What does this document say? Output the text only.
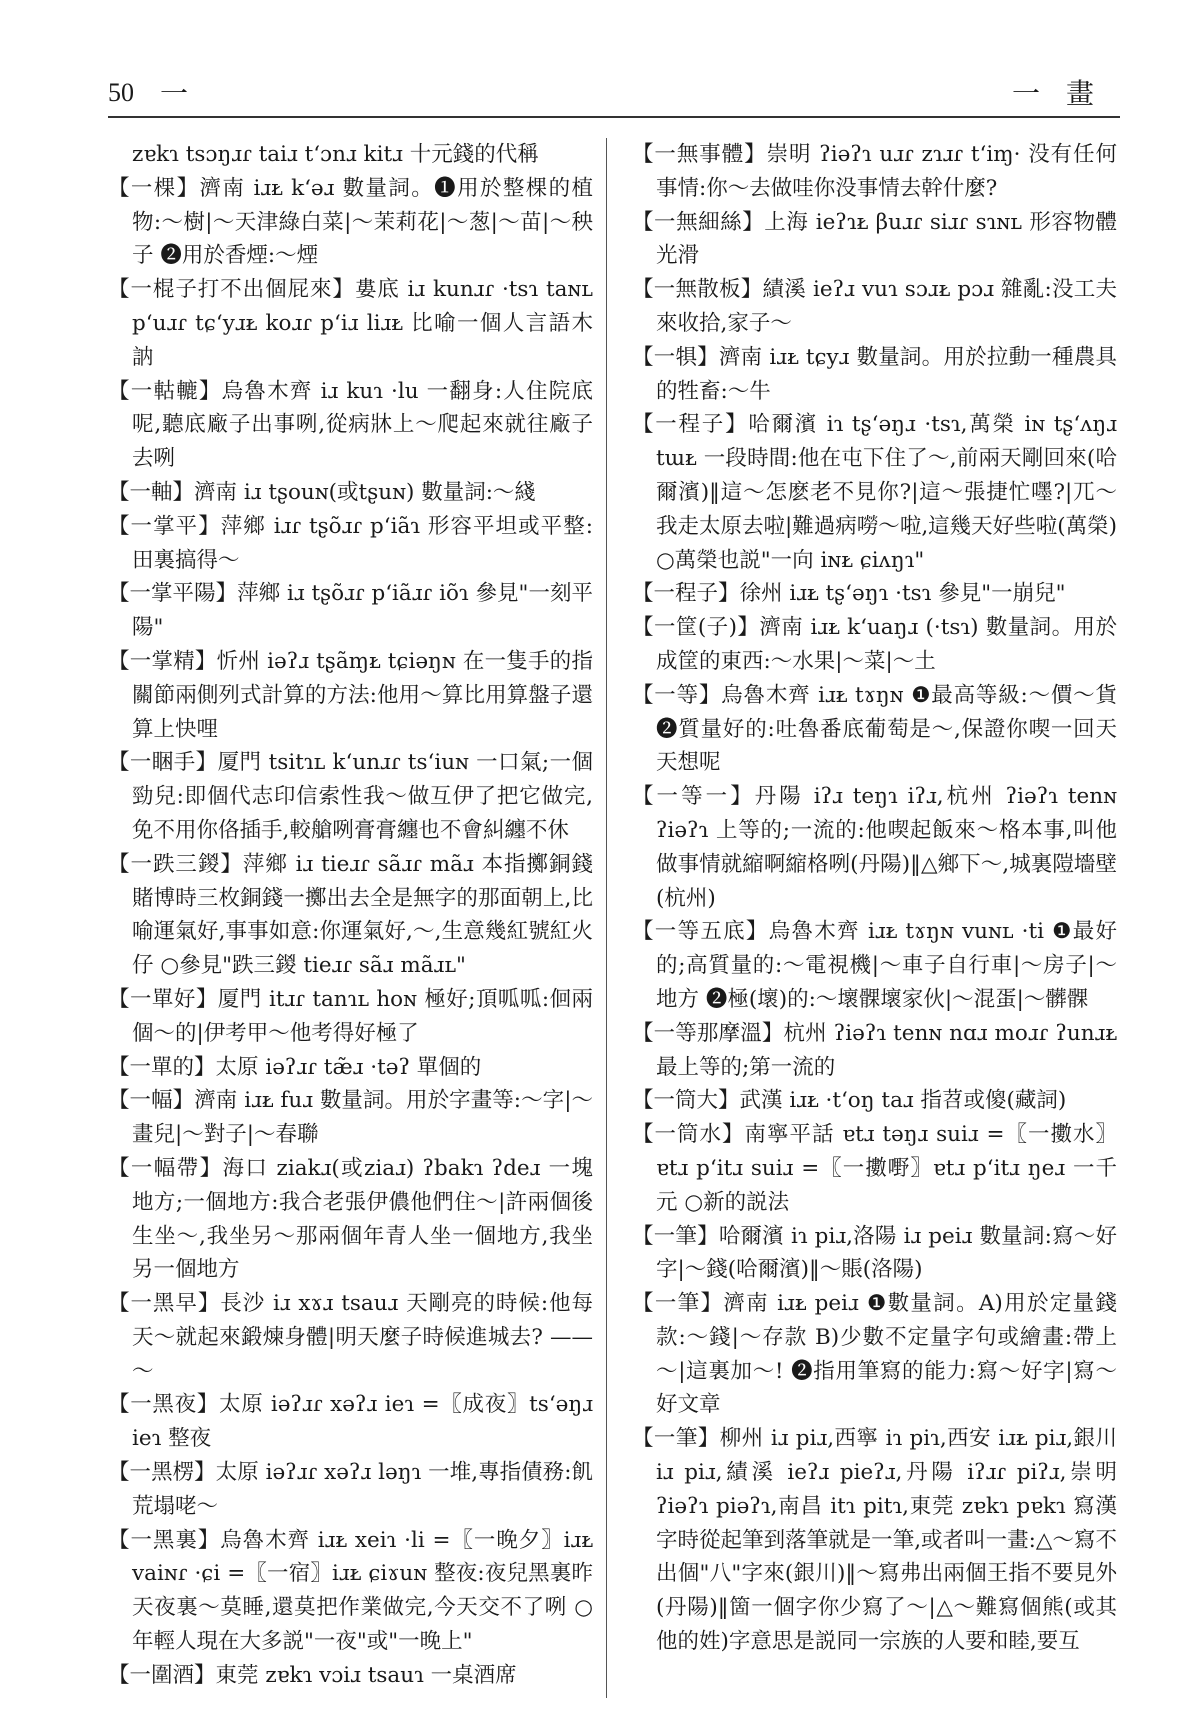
50 一	一畫

zɐkɿ tsɔŋɹɾ taiɹ tʻɔnɹ kitɹ 十元錢的代稱

【一棵】濟南 iɹᴌ kʻəɹ 數量詞。❶用於整棵的植物:～樹|～天津綠白菜|～茉莉花|～葱|～苗|～秧子 ❷用於香煙:～煙

【一棍子打不出個屁來】婁底 iɹ kunɹɾ ·tsɿ taɴʟ pʻuɹɾ tɕʻyɹᴌ koɹɾ pʻiɹ liɹᴌ 比喻一個人言語木訥

【一軲轆】烏魯木齊 iɹ kuɿ ·lu 一翻身:人住院底呢,聽底廠子出事咧,從病牀上～爬起來就往廠子去咧

【一軸】濟南 iɹ tʂouɴ(或tʂuɴ) 數量詞:～綫

【一掌平】萍鄉 iɹɾ tʂõɹɾ pʻiãɿ 形容平坦或平整:田裏搞得～

【一掌平陽】萍鄉 iɹ tʂõɹɾ pʻiãɹɾ iõɿ 參見"一刻平陽"

【一掌精】忻州 iəʔɹ tʂãɱᴌ tɕiəŋɴ 在一隻手的指關節兩側列式計算的方法:他用～算比用算盤子還算上快哩

【一睏手】厦門 tsitɿʟ kʻunɹɾ tsʻiuɴ 一口氣;一個勁兒:即個代志印信索性我～做互伊了把它做完,免不用你佫插手,較艙咧膏膏纏也不會糾纏不休

【一跌三鍐】萍鄉 iɹ tieɹɾ sãɹɾ mãɹ 本指擲銅錢賭博時三枚銅錢一擲出去全是無字的那面朝上,比喻運氣好,事事如意:你運氣好,～,生意幾紅號紅火仔 ○參見"跌三鍐 tieɹɾ sãɹ mãɹʟ"

【一單好】厦門 itɹɾ tanɿʟ hoɴ 極好;頂呱呱:佪兩個～的|伊考甲～他考得好極了

【一單的】太原 iəʔɹɾ tæ̃ɹ ·təʔ 單個的

【一幅】濟南 iɹᴌ fuɹ 數量詞。用於字畫等:～字|～畫兒|～對子|～春聯

【一幅帶】海口 ziakɹ(或ziaɹ) ʔbakɿ ʔdeɹ 一塊地方;一個地方:我合老張伊儂他們住～|許兩個後生坐～,我坐另～那兩個年青人坐一個地方,我坐另一個地方

【一黑早】長沙 iɹ xɤɹ tsauɹ 天剛亮的時候:他每天～就起來鍛煉身體|明天麼子時候進城去? ——～

【一黑夜】太原 iəʔɹɾ xəʔɹ ieɿ =〖成夜〗tsʻəŋɹ ieɿ 整夜

【一黑楞】太原 iəʔɹɾ xəʔɹ ləŋɿ 一堆,專指債務:飢荒塌咾～

【一黑裏】烏魯木齊 iɹᴌ xeiɿ ·li =〖一晚夕〗iɹᴌ vaiɴɾ ·ɕi =〖一宿〗iɹᴌ ɕiɤuɴ 整夜:夜兒黑裏昨天夜裏～莫睡,還莫把作業做完,今天交不了咧 ○年輕人現在大多説"一夜"或"一晚上"

【一圍酒】東莞 zɐkɿ vɔiɹ tsauɿ 一桌酒席

【一無事體】崇明 ʔiəʔɿ uɹɾ zɿɹɾ tʻiɱ· 没有任何事情:你～去做哇你没事情去幹什麼?

【一無細絲】上海 ieʔɿᴌ βuɹɾ siɹɾ sɿɴʟ 形容物體光滑

【一無散板】績溪 ieʔɹ vuɿ sɔɹᴌ pɔɹ 雜亂:没工夫來收拾,家子～

【一犋】濟南 iɹᴌ tɕyɹ 數量詞。用於拉動一種農具的牲畜:～牛

【一程子】哈爾濱 iɿ tʂʻəŋɹ ·tsɿ,萬榮 iɴ tʂʻʌŋɹ tɯᴌ 一段時間:他在屯下住了～,前兩天剛回來(哈爾濱)‖這～怎麽老不見你?|這～張捷忙嚜?|兀～我走太原去啦|難過病嘮～啦,這幾天好些啦(萬榮) ○萬榮也説"一向 iɴᴌ ɕiʌŋɿ"

【一程子】徐州 iɹᴌ tʂʻəŋɿ ·tsɿ 參見"一崩兒"

【一筐(子)】濟南 iɹᴌ kʻuaŋɹ (·tsɿ) 數量詞。用於成筐的東西:～水果|～菜|～土

【一等】烏魯木齊 iɹᴌ tɤŋɴ ❶最高等級:～價～貨 ❷質量好的:吐魯番底葡萄是～,保證你喫一回天天想呢

【一等一】丹陽 iʔɹ teŋɿ iʔɹ,杭州 ʔiəʔɿ tenɴ ʔiəʔɿ 上等的;一流的:他喫起飯來～格本事,叫他做事情就縮啊縮格咧(丹陽)‖△鄉下～,城裏隑墻壁(杭州)

【一等五底】烏魯木齊 iɹᴌ tɤŋɴ vuɴʟ ·ti ❶最好的;高質量的:～電視機|～車子自行車|～房子|～地方 ❷極(壞)的:～壞髁壞家伙|～混蛋|～髒髁

【一等那摩溫】杭州 ʔiəʔɿ tenɴ nɑɹ moɹɾ ʔunɹᴌ 最上等的;第一流的

【一筒大】武漢 iɹᴌ ·tʻoŋ taɹ 指苕或傻(藏詞)

【一筒水】南寧平話 ɐtɹ təŋɹ suiɹ =〖一擻水〗ɐtɹ pʻitɹ suiɹ =〖一擻嘢〗ɐtɹ pʻitɹ ŋeɹ 一千元 ○新的説法

【一筆】哈爾濱 iɿ piɹ,洛陽 iɹ peiɹ 數量詞:寫～好字|～錢(哈爾濱)‖～賬(洛陽)

【一筆】濟南 iɹᴌ peiɹ ❶數量詞。A)用於定量錢款:～錢|～存款 B)少數不定量字句或繪畫:帶上～|這裏加～! ❷指用筆寫的能力:寫～好字|寫～好文章

【一筆】柳州 iɹ piɹ,西寧 iɿ piɿ,西安 iɹᴌ piɹ,銀川 iɹ piɹ,績溪 ieʔɹ pieʔɹ,丹陽 iʔɹɾ piʔɹ,崇明 ʔiəʔɿ piəʔɿ,南昌 itɿ pitɿ,東莞 zɐkɿ pɐkɿ 寫漢字時從起筆到落筆就是一筆,或者叫一畫:△～寫不出個"八"字來(銀川)‖～寫弗出兩個王指不要見外(丹陽)‖箇一個字你少寫了～|△～難寫個熊(或其他的姓)字意思是説同一宗族的人要和睦,要互
